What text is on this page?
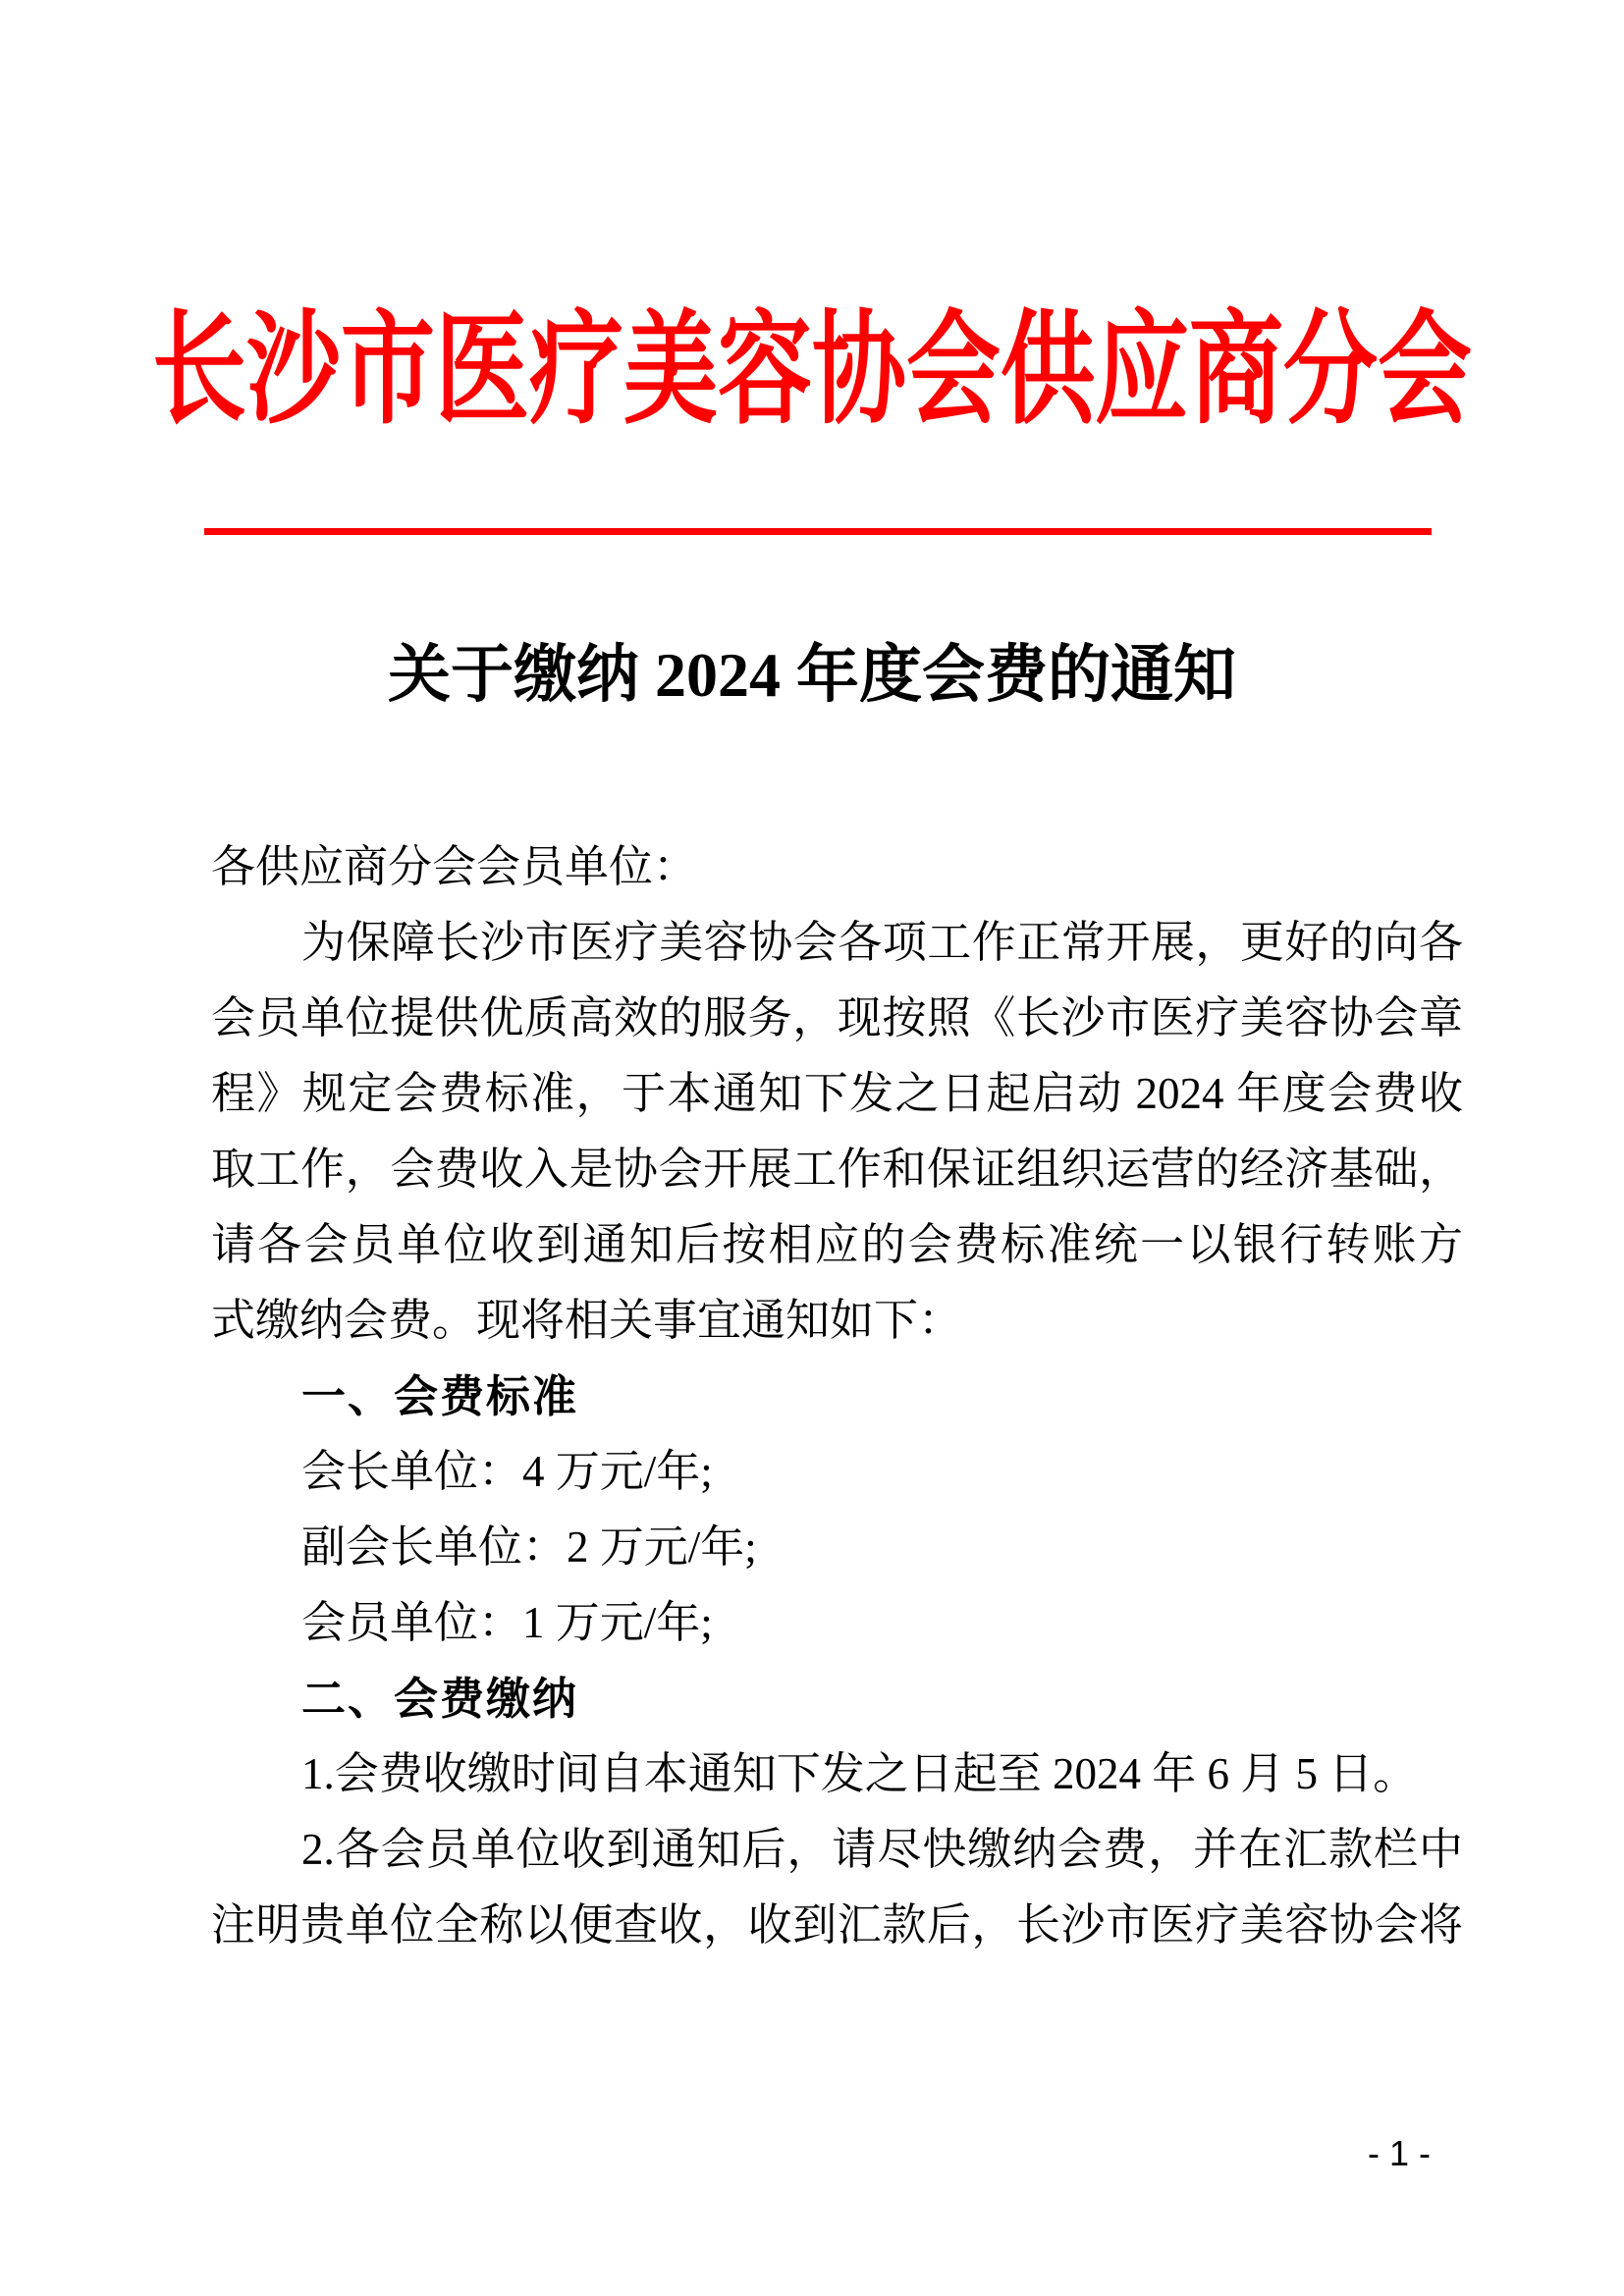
长沙市医疗美容协会供应商分会
关于缴纳 2024 年度会费的通知
各供应商分会会员单位：
为保障长沙市医疗美容协会各项工作正常开展，更好的向各
会员单位提供优质高效的服务，现按照《长沙市医疗美容协会章
程》规定会费标准，于本通知下发之日起启动 2024 年度会费收
取工作，会费收入是协会开展工作和保证组织运营的经济基础，
请各会员单位收到通知后按相应的会费标准统一以银行转账方
式缴纳会费。现将相关事宜通知如下：
一、会费标准
会长单位：4 万元/年;
副会长单位：2 万元/年;
会员单位：1 万元/年;
二、会费缴纳
1.会费收缴时间自本通知下发之日起至 2024 年 6 月 5 日。
2.各会员单位收到通知后，请尽快缴纳会费，并在汇款栏中
注明贵单位全称以便查收，收到汇款后，长沙市医疗美容协会将
- 1 -
